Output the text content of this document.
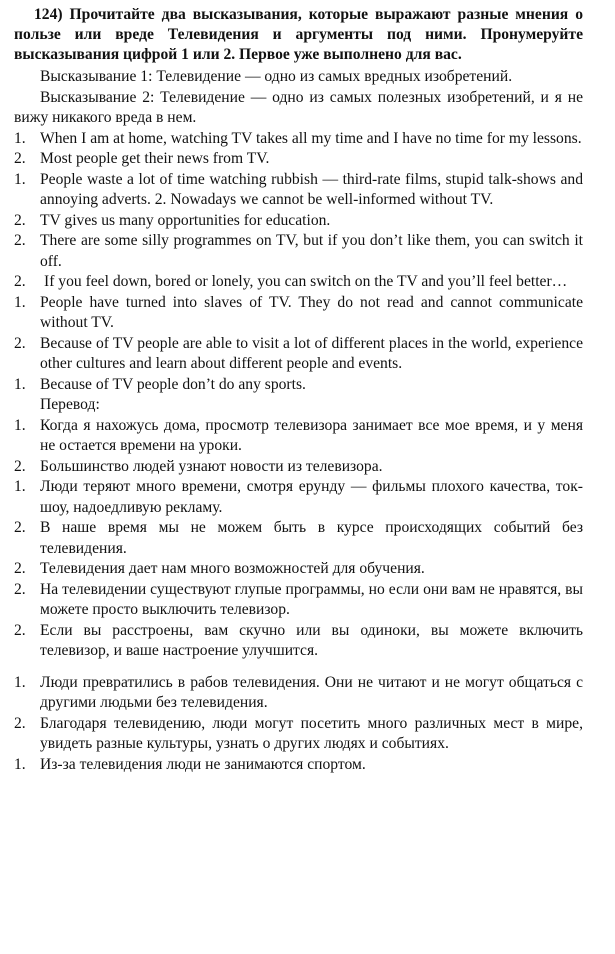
124) Прочитайте два высказывания, которые выражают разные мнения о пользе или вреде Телевидения и аргументы под ними. Пронумеруйте высказывания цифрой 1 или 2. Первое уже выполнено для вас.

Высказывание 1: Телевидение — одно из самых вредных изобретений.

Высказывание 2: Телевидение — одно из самых полезных изобретений, и я не вижу никакого вреда в нем.

1. When I am at home, watching TV takes all my time and I have no time for my lessons.
2. Most people get their news from TV.
1. People waste a lot of time watching rubbish — third-rate films, stupid talk-shows and annoying adverts. 2. Nowadays we cannot be well-informed without TV.
2. TV gives us many opportunities for education.
2. There are some silly programmes on TV, but if you don’t like them, you can switch it off.
2.	If you feel down, bored or lonely, you can switch on the TV and you’ll feel better…
1. People have turned into slaves of TV. They do not read and cannot communicate without TV.
2. Because of TV people are able to visit a lot of different places in the world, experience other cultures and learn about different people and events.
1. Because of TV people don’t do any sports.

Перевод:

1. Когда я нахожусь дома, просмотр телевизора занимает все мое время, и у меня не остается времени на уроки.
2. Большинство людей узнают новости из телевизора.
1. Люди теряют много времени, смотря ерунду — фильмы плохого качества, ток-шоу, надоедливую рекламу.
2. В наше время мы не можем быть в курсе происходящих событий без телевидения.
2. Телевидения дает нам много возможностей для обучения.
2. На телевидении существуют глупые программы, но если они вам не нравятся, вы можете просто выключить телевизор.
2. Если вы расстроены, вам скучно или вы одиноки, вы можете включить телевизор, и ваше настроение улучшится.
1. Люди превратились в рабов телевидения. Они не читают и не могут общаться с другими людьми без телевидения.
2. Благодаря телевидению, люди могут посетить много различных мест в мире, увидеть разные культуры, узнать о других людях и событиях.
1. Из-за телевидения люди не занимаются спортом.
